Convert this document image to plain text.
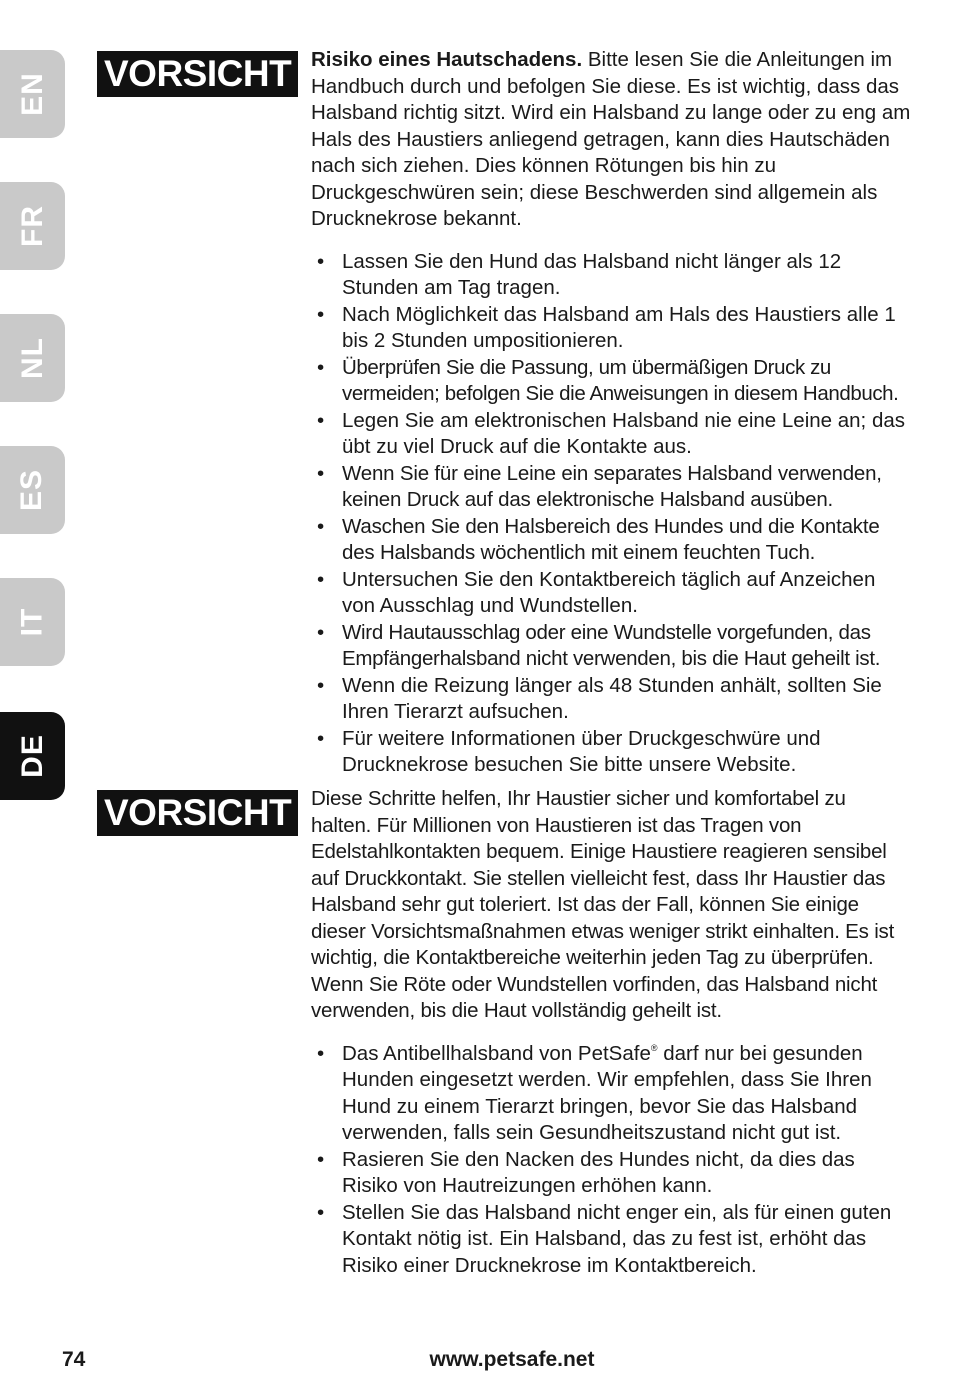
EN
FR
NL
ES
IT
DE
VORSICHT
VORSICHT

Risiko eines Hautschadens. Bitte lesen Sie die Anleitungen im Handbuch durch und befolgen Sie diese. Es ist wichtig, dass das Halsband richtig sitzt. Wird ein Halsband zu lange oder zu eng am Hals des Haustiers anliegend getragen, kann dies Hautschäden nach sich ziehen. Dies können Rötungen bis hin zu Druckgeschwüren sein; diese Beschwerden sind allgemein als Drucknekrose bekannt.

• Lassen Sie den Hund das Halsband nicht länger als 12 Stunden am Tag tragen.
• Nach Möglichkeit das Halsband am Hals des Haustiers alle 1 bis 2 Stunden umpositionieren.
• Überprüfen Sie die Passung, um übermäßigen Druck zu vermeiden; befolgen Sie die Anweisungen in diesem Handbuch.
• Legen Sie am elektronischen Halsband nie eine Leine an; das übt zu viel Druck auf die Kontakte aus.
• Wenn Sie für eine Leine ein separates Halsband verwenden, keinen Druck auf das elektronische Halsband ausüben.
• Waschen Sie den Halsbereich des Hundes und die Kontakte des Halsbands wöchentlich mit einem feuchten Tuch.
• Untersuchen Sie den Kontaktbereich täglich auf Anzeichen von Ausschlag und Wundstellen.
• Wird Hautausschlag oder eine Wundstelle vorgefunden, das Empfängerhalsband nicht verwenden, bis die Haut geheilt ist.
• Wenn die Reizung länger als 48 Stunden anhält, sollten Sie Ihren Tierarzt aufsuchen.
• Für weitere Informationen über Druckgeschwüre und Drucknekrose besuchen Sie bitte unsere Website.

Diese Schritte helfen, Ihr Haustier sicher und komfortabel zu halten. Für Millionen von Haustieren ist das Tragen von Edelstahlkontakten bequem. Einige Haustiere reagieren sensibel auf Druckkontakt. Sie stellen vielleicht fest, dass Ihr Haustier das Halsband sehr gut toleriert. Ist das der Fall, können Sie einige dieser Vorsichtsmaßnahmen etwas weniger strikt einhalten. Es ist wichtig, die Kontaktbereiche weiterhin jeden Tag zu überprüfen. Wenn Sie Röte oder Wundstellen vorfinden, das Halsband nicht verwenden, bis die Haut vollständig geheilt ist.

• Das Antibellhalsband von PetSafe® darf nur bei gesunden Hunden eingesetzt werden. Wir empfehlen, dass Sie Ihren Hund zu einem Tierarzt bringen, bevor Sie das Halsband verwenden, falls sein Gesundheitszustand nicht gut ist.
• Rasieren Sie den Nacken des Hundes nicht, da dies das Risiko von Hautreizungen erhöhen kann.
• Stellen Sie das Halsband nicht enger ein, als für einen guten Kontakt nötig ist. Ein Halsband, das zu fest ist, erhöht das Risiko einer Drucknekrose im Kontaktbereich.
74	www.petsafe.net
